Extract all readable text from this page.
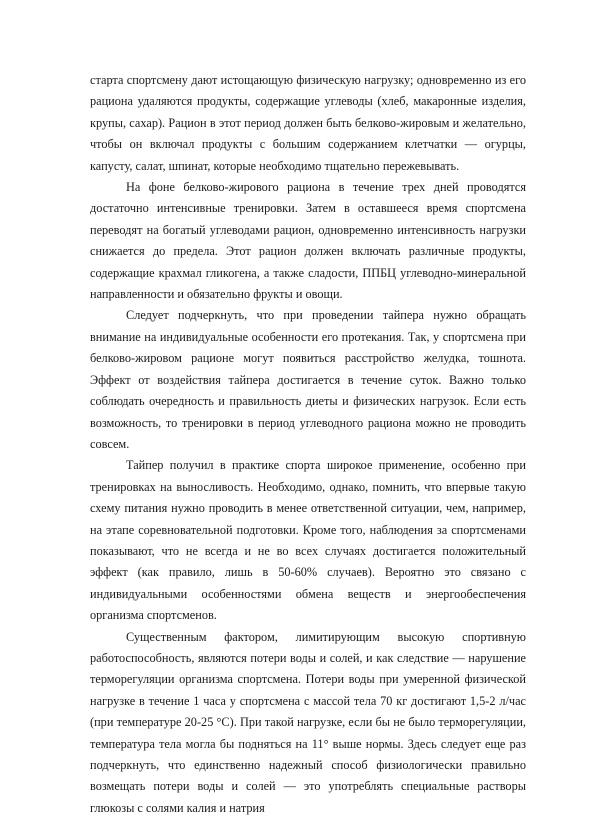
старта спортсмену дают истощающую физическую нагрузку; одновременно из его рациона удаляются продукты, содержащие углеводы (хлеб, макаронные изделия, крупы, сахар). Рацион в этот период должен быть белково-жировым и желательно, чтобы он включал продукты с большим содержанием клетчатки — огурцы, капусту, салат, шпинат, которые необходимо тщательно пережевывать.

На фоне белково-жирового рациона в течение трех дней проводятся достаточно интенсивные тренировки. Затем в оставшееся время спортсмена переводят на богатый углеводами рацион, одновременно интенсивность нагрузки снижается до предела. Этот рацион должен включать различные продукты, содержащие крахмал гликогена, а также сладости, ППБЦ углеводно-минеральной направленности и обязательно фрукты и овощи.

Следует подчеркнуть, что при проведении тайпера нужно обращать внимание на индивидуальные особенности его протекания. Так, у спортсмена при белково-жировом рационе могут появиться расстройство желудка, тошнота. Эффект от воздействия тайпера достигается в течение суток. Важно только соблюдать очередность и правильность диеты и физических нагрузок. Если есть возможность, то тренировки в период углеводного рациона можно не проводить совсем.

Тайпер получил в практике спорта широкое применение, особенно при тренировках на выносливость. Необходимо, однако, помнить, что впервые такую схему питания нужно проводить в менее ответственной ситуации, чем, например, на этапе соревновательной подготовки. Кроме того, наблюдения за спортсменами показывают, что не всегда и не во всех случаях достигается положительный эффект (как правило, лишь в 50-60% случаев). Вероятно это связано с индивидуальными особенностями обмена веществ и энергообеспечения организма спортсменов.

Существенным фактором, лимитирующим высокую спортивную работоспособность, являются потери воды и солей, и как следствие — нарушение терморегуляции организма спортсмена. Потери воды при умеренной физической нагрузке в течение 1 часа у спортсмена с массой тела 70 кг достигают 1,5-2 л/час (при температуре 20-25 °С). При такой нагрузке, если бы не было терморегуляции, температура тела могла бы подняться на 11° выше нормы. Здесь следует еще раз подчеркнуть, что единственно надежный способ физиологически правильно возмещать потери воды и солей — это употреблять специальные растворы глюкозы с солями калия и натрия
